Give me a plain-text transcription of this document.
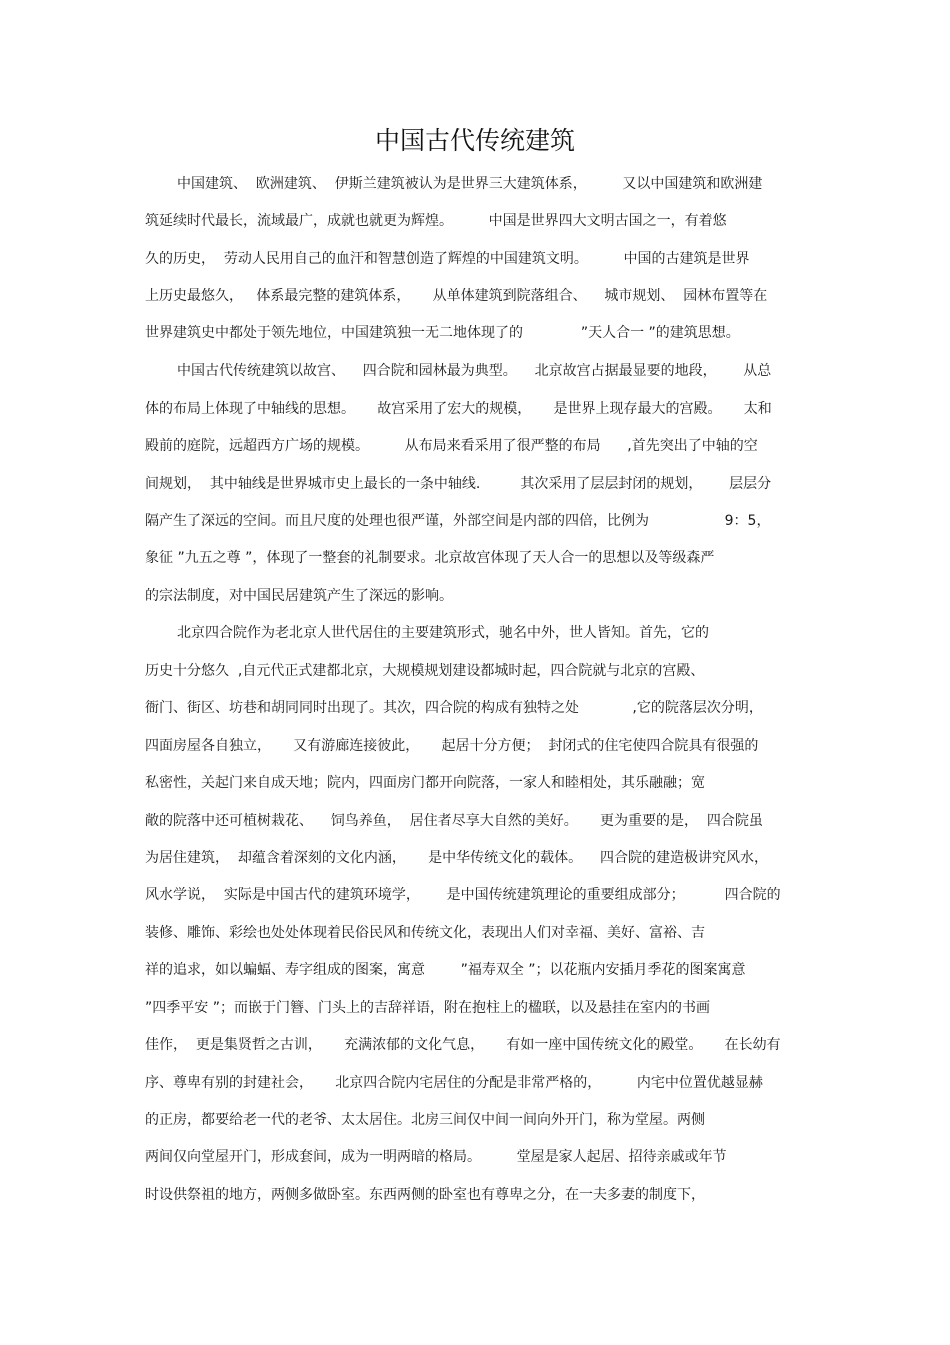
中国古代传统建筑
中国建筑、  欧洲建筑、  伊斯兰建筑被认为是世界三大建筑体系，        又以中国建筑和欧洲建
筑延续时代最长，流域最广，成就也就更为辉煌。        中国是世界四大文明古国之一，有着悠
久的历史，  劳动人民用自己的血汗和智慧创造了辉煌的中国建筑文明。        中国的古建筑是世界
上历史最悠久，   体系最完整的建筑体系，     从单体建筑到院落组合、    城市规划、  园林布置等在
世界建筑史中都处于领先地位，中国建筑独一无二地体现了的             ”天人合一 ”的建筑思想。
中国古代传统建筑以故宫、    四合院和园林最为典型。    北京故宫占据最显要的地段，      从总
体的布局上体现了中轴线的思想。     故宫采用了宏大的规模，     是世界上现存最大的宫殿。     太和
殿前的庭院，远超西方广场的规模。        从布局来看采用了很严整的布局      ,首先突出了中轴的空
间规划，  其中轴线是世界城市史上最长的一条中轴线.         其次采用了层层封闭的规划，      层层分
隔产生了深远的空间。而且尺度的处理也很严谨，外部空间是内部的四倍，比例为                 9：5，
象征 ”九五之尊 ”，体现了一整套的礼制要求。北京故宫体现了天人合一的思想以及等级森严
的宗法制度，对中国民居建筑产生了深远的影响。
北京四合院作为老北京人世代居住的主要建筑形式，驰名中外，世人皆知。首先，它的
历史十分悠久  ,自元代正式建都北京，大规模规划建设都城时起，四合院就与北京的宫殿、
衙门、街区、坊巷和胡同同时出现了。其次，四合院的构成有独特之处            ,它的院落层次分明，
四面房屋各自独立，     又有游廊连接彼此，     起居十分方便；  封闭式的住宅使四合院具有很强的
私密性，关起门来自成天地；院内，四面房门都开向院落，一家人和睦相处，其乐融融；宽
敞的院落中还可植树栽花、    饲鸟养鱼，  居住者尽享大自然的美好。     更为重要的是，  四合院虽
为居住建筑，  却蕴含着深刻的文化内涵，     是中华传统文化的载体。    四合院的建造极讲究风水，
风水学说，  实际是中国古代的建筑环境学，      是中国传统建筑理论的重要组成部分；         四合院的
装修、雕饰、彩绘也处处体现着民俗民风和传统文化，表现出人们对幸福、美好、富裕、吉
祥的追求，如以蝙蝠、寿字组成的图案，寓意        ”福寿双全 ”；以花瓶内安插月季花的图案寓意
”四季平安 ”；而嵌于门簪、门头上的吉辞祥语，附在抱柱上的楹联，以及悬挂在室内的书画
佳作，  更是集贤哲之古训，     充满浓郁的文化气息，     有如一座中国传统文化的殿堂。     在长幼有
序、尊卑有别的封建社会，     北京四合院内宅居住的分配是非常严格的，        内宅中位置优越显赫
的正房，都要给老一代的老爷、太太居住。北房三间仅中间一间向外开门，称为堂屋。两侧
两间仅向堂屋开门，形成套间，成为一明两暗的格局。        堂屋是家人起居、招待亲戚或年节
时设供祭祖的地方，两侧多做卧室。东西两侧的卧室也有尊卑之分，在一夫多妻的制度下，
